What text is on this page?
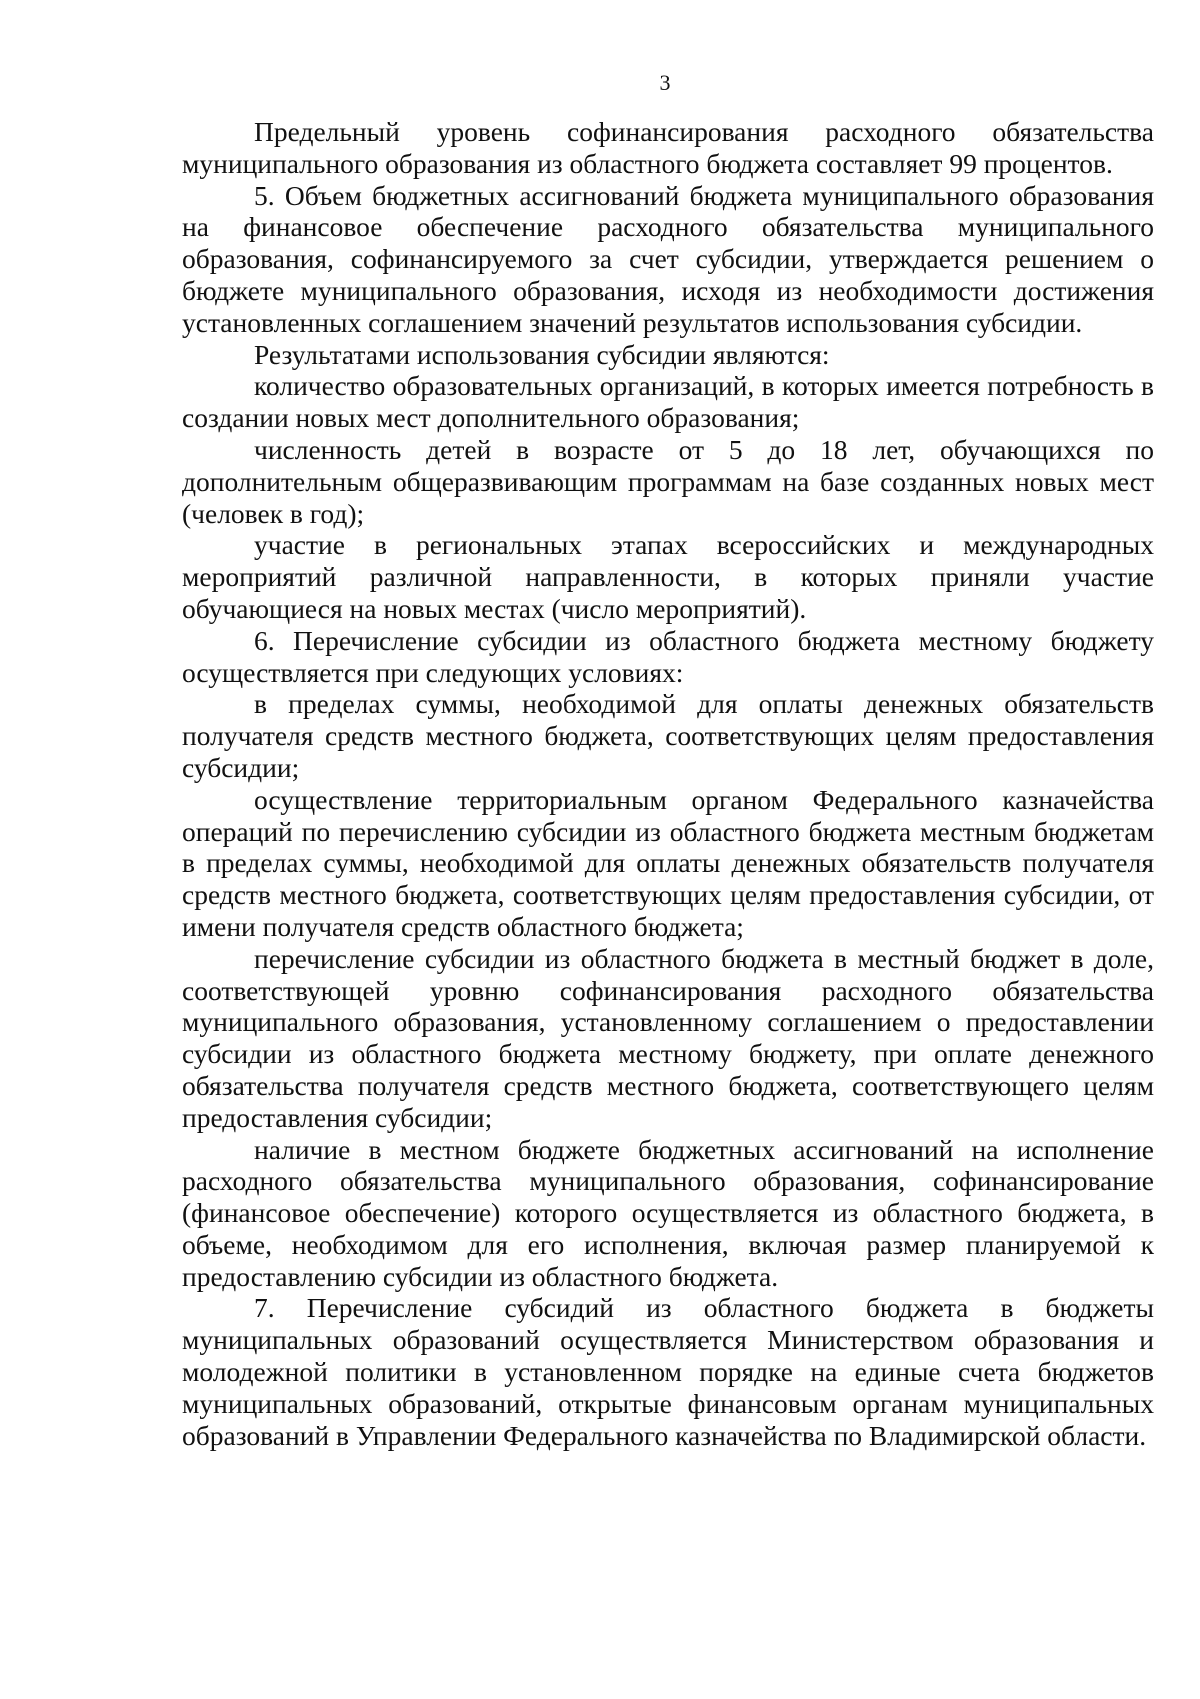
3

Предельный уровень софинансирования расходного обязательства муниципального образования из областного бюджета составляет 99 процентов.

5. Объем бюджетных ассигнований бюджета муниципального образования на финансовое обеспечение расходного обязательства муниципального образования, софинансируемого за счет субсидии, утверждается решением о бюджете муниципального образования, исходя из необходимости достижения установленных соглашением значений результатов использования субсидии.

Результатами использования субсидии являются:

количество образовательных организаций, в которых имеется потребность в создании новых мест дополнительного образования;

численность детей в возрасте от 5 до 18 лет, обучающихся по дополнительным общеразвивающим программам на базе созданных новых мест (человек в год);

участие в региональных этапах всероссийских и международных мероприятий различной направленности, в которых приняли участие обучающиеся на новых местах (число мероприятий).

6. Перечисление субсидии из областного бюджета местному бюджету осуществляется при следующих условиях:

в пределах суммы, необходимой для оплаты денежных обязательств получателя средств местного бюджета, соответствующих целям предоставления субсидии;

осуществление территориальным органом Федерального казначейства операций по перечислению субсидии из областного бюджета местным бюджетам в пределах суммы, необходимой для оплаты денежных обязательств получателя средств местного бюджета, соответствующих целям предоставления субсидии, от имени получателя средств областного бюджета;

перечисление субсидии из областного бюджета в местный бюджет в доле, соответствующей уровню софинансирования расходного обязательства муниципального образования, установленному соглашением о предоставлении субсидии из областного бюджета местному бюджету, при оплате денежного обязательства получателя средств местного бюджета, соответствующего целям предоставления субсидии;

наличие в местном бюджете бюджетных ассигнований на исполнение расходного обязательства муниципального образования, софинансирование (финансовое обеспечение) которого осуществляется из областного бюджета, в объеме, необходимом для его исполнения, включая размер планируемой к предоставлению субсидии из областного бюджета.

7. Перечисление субсидий из областного бюджета в бюджеты муниципальных образований осуществляется Министерством образования и молодежной политики в установленном порядке на единые счета бюджетов муниципальных образований, открытые финансовым органам муниципальных образований в Управлении Федерального казначейства по Владимирской области.
